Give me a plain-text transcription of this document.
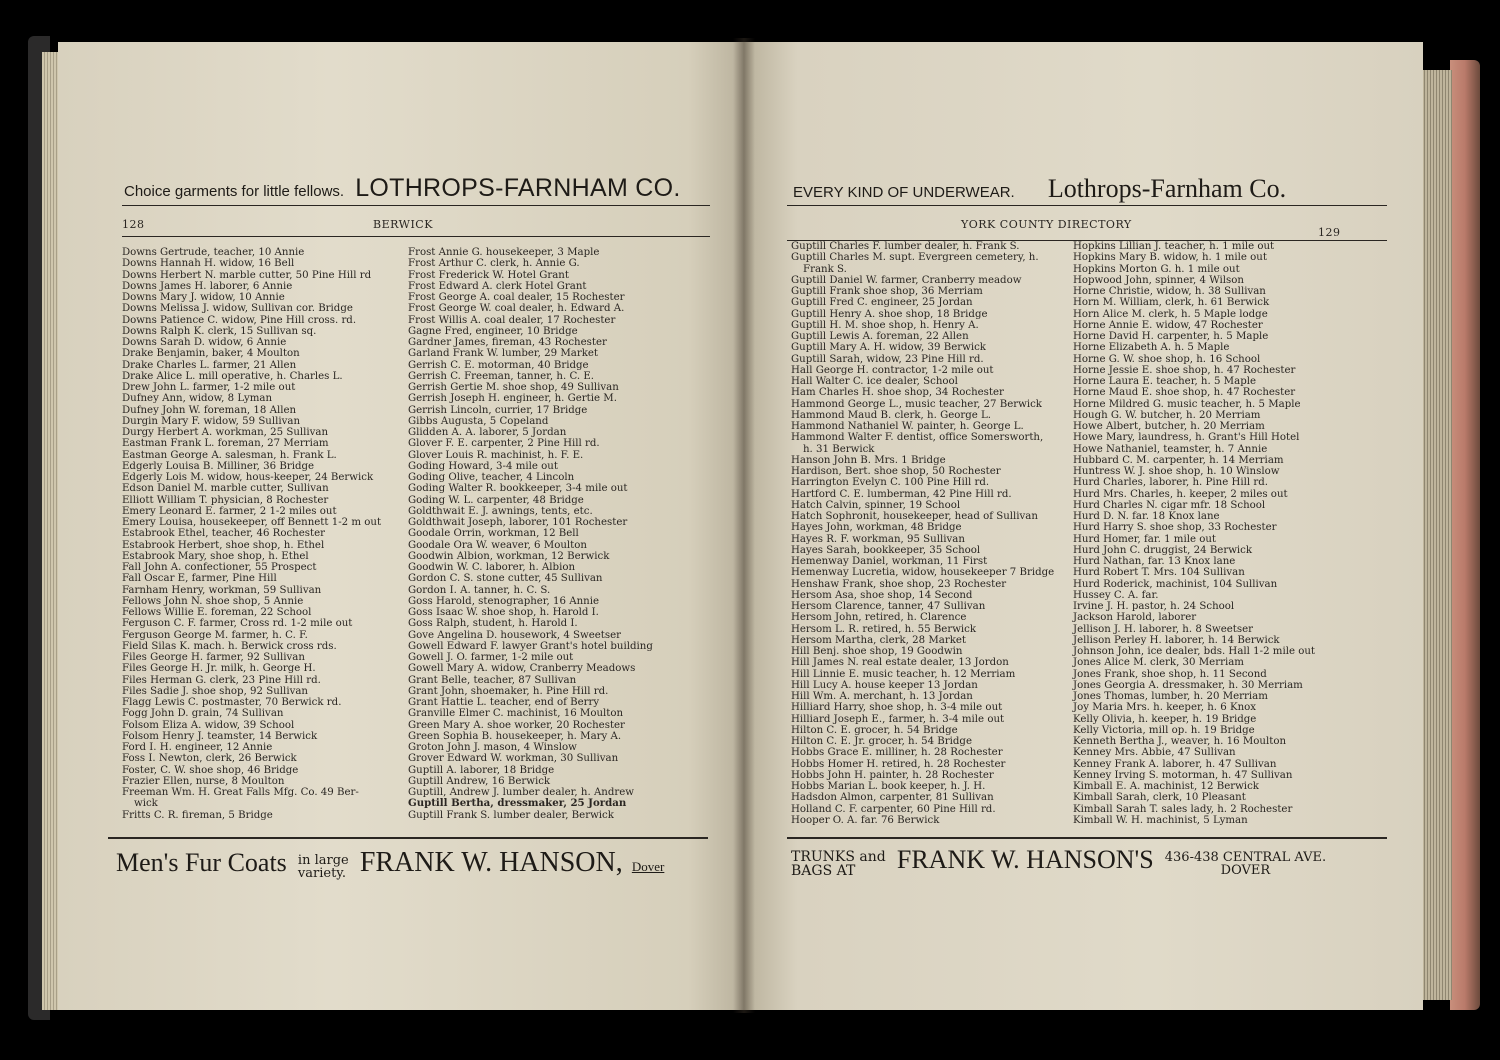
Choice garments for little fellows. LOTHROPS-FARNHAM CO.
128	BERWICK
Downs Gertrude, teacher, 10 Annie
Downs Hannah H. widow, 16 Bell
Downs Herbert N. marble cutter, 50 Pine Hill rd
Downs James H. laborer, 6 Annie
Downs Mary J. widow, 10 Annie
Downs Melissa J. widow, Sullivan cor. Bridge
Downs Patience C. widow, Pine Hill cross. rd.
Downs Ralph K. clerk, 15 Sullivan sq.
Downs Sarah D. widow, 6 Annie
Drake Benjamin, baker, 4 Moulton
Drake Charles L. farmer, 21 Allen
Drake Alice L. mill operative, h. Charles L.
Drew John L. farmer, 1-2 mile out
Dufney Ann, widow, 8 Lyman
Dufney John W. foreman, 18 Allen
Durgin Mary F. widow, 59 Sullivan
Durgy Herbert A. workman, 25 Sullivan
Eastman Frank L. foreman, 27 Merriam
Eastman George A. salesman, h. Frank L.
Edgerly Louisa B. Milliner, 36 Bridge
Edgerly Lois M. widow, hous-keeper, 24 Berwick
Edson Daniel M. marble cutter, Sullivan
Elliott William T. physician, 8 Rochester
Emery Leonard E. farmer, 2 1-2 miles out
Emery Louisa, housekeeper, off Bennett 1-2 m out
Estabrook Ethel, teacher, 46 Rochester
Estabrook Herbert, shoe shop, h. Ethel
Estabrook Mary, shoe shop, h. Ethel
Fall John A. confectioner, 55 Prospect
Fall Oscar E, farmer, Pine Hill
Farnham Henry, workman, 59 Sullivan
Fellows John N. shoe shop, 5 Annie
Fellows Willie E. foreman, 22 School
Ferguson C. F. farmer, Cross rd. 1-2 mile out
Ferguson George M. farmer, h. C. F.
Field Silas K. mach. h. Berwick cross rds.
Files George H. farmer, 92 Sullivan
Files George H. Jr. milk, h. George H.
Files Herman G. clerk, 23 Pine Hill rd.
Files Sadie J. shoe shop, 92 Sullivan
Flagg Lewis C. postmaster, 70 Berwick rd.
Fogg John D. grain, 74 Sullivan
Folsom Eliza A. widow, 39 School
Folsom Henry J. teamster, 14 Berwick
Ford I. H. engineer, 12 Annie
Foss I. Newton, clerk, 26 Berwick
Foster, C. W. shoe shop, 46 Bridge
Frazier Ellen, nurse, 8 Moulton
Freeman Wm. H. Great Falls Mfg. Co. 49 Ber-
wick
Fritts C. R. fireman, 5 Bridge
Frost Annie G. housekeeper, 3 Maple
Frost Arthur C. clerk, h. Annie G.
Frost Frederick W. Hotel Grant
Frost Edward A. clerk Hotel Grant
Frost George A. coal dealer, 15 Rochester
Frost George W. coal dealer, h. Edward A.
Frost Willis A. coal dealer, 17 Rochester
Gagne Fred, engineer, 10 Bridge
Gardner James, fireman, 43 Rochester
Garland Frank W. lumber, 29 Market
Gerrish C. E. motorman, 40 Bridge
Gerrish C. Freeman, tanner, h. C. E.
Gerrish Gertie M. shoe shop, 49 Sullivan
Gerrish Joseph H. engineer, h. Gertie M.
Gerrish Lincoln, currier, 17 Bridge
Gibbs Augusta, 5 Copeland
Glidden A. A. laborer, 5 Jordan
Glover F. E. carpenter, 2 Pine Hill rd.
Glover Louis R. machinist, h. F. E.
Goding Howard, 3-4 mile out
Goding Olive, teacher, 4 Lincoln
Goding Walter R. bookkeeper, 3-4 mile out
Goding W. L. carpenter, 48 Bridge
Goldthwait E. J. awnings, tents, etc.
Goldthwait Joseph, laborer, 101 Rochester
Goodale Orrin, workman, 12 Bell
Goodale Ora W. weaver, 6 Moulton
Goodwin Albion, workman, 12 Berwick
Goodwin W. C. laborer, h. Albion
Gordon C. S. stone cutter, 45 Sullivan
Gordon I. A. tanner, h. C. S.
Goss Harold, stenographer, 16 Annie
Goss Isaac W. shoe shop, h. Harold I.
Goss Ralph, student, h. Harold I.
Gove Angelina D. housework, 4 Sweetser
Gowell Edward F. lawyer Grant's hotel building
Gowell J. O. farmer, 1-2 mile out
Gowell Mary A. widow, Cranberry Meadows
Grant Belle, teacher, 87 Sullivan
Grant John, shoemaker, h. Pine Hill rd.
Grant Hattie L. teacher, end of Berry
Granville Elmer C. machinist, 16 Moulton
Green Mary A. shoe worker, 20 Rochester
Green Sophia B. housekeeper, h. Mary A.
Groton John J. mason, 4 Winslow
Grover Edward W. workman, 30 Sullivan
Guptill A. laborer, 18 Bridge
Guptill Andrew, 16 Berwick
Guptill, Andrew J. lumber dealer, h. Andrew
Guptill Bertha, dressmaker, 25 Jordan
Guptill Frank S. lumber dealer, Berwick
Men's Fur Coats in large
variety. FRANK W. HANSON, Dover
EVERY KIND OF UNDERWEAR. Lothrops-Farnham Co.
YORK COUNTY DIRECTORY
129
Guptill Charles F. lumber dealer, h. Frank S.
Guptill Charles M. supt. Evergreen cemetery, h.
Frank S.
Guptill Daniel W. farmer, Cranberry meadow
Guptill Frank shoe shop, 36 Merriam
Guptill Fred C. engineer, 25 Jordan
Guptill Henry A. shoe shop, 18 Bridge
Guptill H. M. shoe shop, h. Henry A.
Guptill Lewis A. foreman, 22 Allen
Guptill Mary A. H. widow, 39 Berwick
Guptill Sarah, widow, 23 Pine Hill rd.
Hall George H. contractor, 1-2 mile out
Hall Walter C. ice dealer, School
Ham Charles H. shoe shop, 34 Rochester
Hammond George L., music teacher, 27 Berwick
Hammond Maud B. clerk, h. George L.
Hammond Nathaniel W. painter, h. George L.
Hammond Walter F. dentist, office Somersworth,
h. 31 Berwick
Hanson John B. Mrs. 1 Bridge
Hardison, Bert. shoe shop, 50 Rochester
Harrington Evelyn C. 100 Pine Hill rd.
Hartford C. E. lumberman, 42 Pine Hill rd.
Hatch Calvin, spinner, 19 School
Hatch Sophronit, housekeeper, head of Sullivan
Hayes John, workman, 48 Bridge
Hayes R. F. workman, 95 Sullivan
Hayes Sarah, bookkeeper, 35 School
Hemenway Daniel, workman, 11 First
Hemenway Lucretia, widow, housekeeper 7 Bridge
Henshaw Frank, shoe shop, 23 Rochester
Hersom Asa, shoe shop, 14 Second
Hersom Clarence, tanner, 47 Sullivan
Hersom John, retired, h. Clarence
Hersom L. R. retired, h. 55 Berwick
Hersom Martha, clerk, 28 Market
Hill Benj. shoe shop, 19 Goodwin
Hill James N. real estate dealer, 13 Jordon
Hill Linnie E. music teacher, h. 12 Merriam
Hill Lucy A. house keeper 13 Jordan
Hill Wm. A. merchant, h. 13 Jordan
Hilliard Harry, shoe shop, h. 3-4 mile out
Hilliard Joseph E., farmer, h. 3-4 mile out
Hilton C. E. grocer, h. 54 Bridge
Hilton C. E. Jr. grocer, h. 54 Bridge
Hobbs Grace E. milliner, h. 28 Rochester
Hobbs Homer H. retired, h. 28 Rochester
Hobbs John H. painter, h. 28 Rochester
Hobbs Marian L. book keeper, h. J. H.
Hadsdon Almon, carpenter, 81 Sullivan
Holland C. F. carpenter, 60 Pine Hill rd.
Hooper O. A. far. 76 Berwick
Hopkins Lillian J. teacher, h. 1 mile out
Hopkins Mary B. widow, h. 1 mile out
Hopkins Morton G. h. 1 mile out
Hopwood John, spinner, 4 Wilson
Horne Christie, widow, h. 38 Sullivan
Horn M. William, clerk, h. 61 Berwick
Horn Alice M. clerk, h. 5 Maple lodge
Horne Annie E. widow, 47 Rochester
Horne David H. carpenter, h. 5 Maple
Horne Elizabeth A. h. 5 Maple
Horne G. W. shoe shop, h. 16 School
Horne Jessie E. shoe shop, h. 47 Rochester
Horne Laura E. teacher, h. 5 Maple
Horne Maud E. shoe shop, h. 47 Rochester
Horne Mildred G. music teacher, h. 5 Maple
Hough G. W. butcher, h. 20 Merriam
Howe Albert, butcher, h. 20 Merriam
Howe Mary, laundress, h. Grant's Hill Hotel
Howe Nathaniel, teamster, h. 7 Annie
Hubbard C. M. carpenter, h. 14 Merriam
Huntress W. J. shoe shop, h. 10 Winslow
Hurd Charles, laborer, h. Pine Hill rd.
Hurd Mrs. Charles, h. keeper, 2 miles out
Hurd Charles N. cigar mfr. 18 School
Hurd D. N. far. 18 Knox lane
Hurd Harry S. shoe shop, 33 Rochester
Hurd Homer, far. 1 mile out
Hurd John C. druggist, 24 Berwick
Hurd Nathan, far. 13 Knox lane
Hurd Robert T. Mrs. 104 Sullivan
Hurd Roderick, machinist, 104 Sullivan
Hussey C. A. far.
Irvine J. H. pastor, h. 24 School
Jackson Harold, laborer
Jellison J. H. laborer, h. 8 Sweetser
Jellison Perley H. laborer, h. 14 Berwick
Johnson John, ice dealer, bds. Hall 1-2 mile out
Jones Alice M. clerk, 30 Merriam
Jones Frank, shoe shop, h. 11 Second
Jones Georgia A. dressmaker, h. 30 Merriam
Jones Thomas, lumber, h. 20 Merriam
Joy Maria Mrs. h. keeper, h. 6 Knox
Kelly Olivia, h. keeper, h. 19 Bridge
Kelly Victoria, mill op. h. 19 Bridge
Kenneth Bertha J., weaver, h. 16 Moulton
Kenney Mrs. Abbie, 47 Sullivan
Kenney Frank A. laborer, h. 47 Sullivan
Kenney Irving S. motorman, h. 47 Sullivan
Kimball E. A. machinist, 12 Berwick
Kimball Sarah, clerk, 10 Pleasant
Kimball Sarah T. sales lady, h. 2 Rochester
Kimball W. H. machinist, 5 Lyman
TRUNKS and
BAGS AT	FRANK W. HANSON'S 436-438 CENTRAL AVE.
DOVER
